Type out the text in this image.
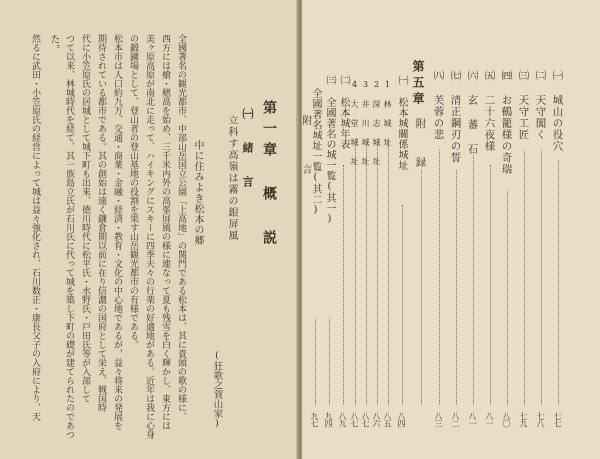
第一章 概 説
㈠ 緒 言
立科す高嶺は霧の銀屏風
(狂歌之賀山家)
中に住みよき松本の郷
全國著名の観光都市、中部山岳国立公園「上高地」の関門である松本は、其に貴頭の歌の様に、
西方には槍・穂高を始め、三千米内外の高峯屏風の様に連なって夏も残雪を白く輝かし、東方には
美ヶ原高原が南北に走って、ハイキングにスキーに四季夫々の行楽の好適地がある。近年は我に心身
の鍛錬場として、登山者の登山基地の役割を果す山岳観光都市の有様である。
松本市は人口約九万、交通・商業・金融・経済・教育・文化の中心地であるが、益々将来の発展を
期待されている都市である。其の創始は遠く鎌倉期以前に在り信濃の国府として栄え、戦国時
代に小笠原氏の居城として城下町も出来、徳川時代に松平氏・水野氏・戸田氏等が入部して
つて以来、林城時代を経て、其一族島立氏が石川氏に代って城を築し下町の礎が建てられたのであつ
た。
然るに武田・小笠原氏の経営によって城は益々強化され、石川数正・康長父子の入府により、天	㈠ 城山の役穴
七七
㈡ 天守閣く
七八
㈢ 天守工匠
七九
㈣ お鶴籠様の奇瑞
八〇
㈤ 二十六夜様
八一
㈥ 玄 蕃 石
八一
㈦ 清正鋼刃の誓
八二
㈧ 芙蓉の悲
八三
第五章
附 録
㈠ 松本城關係城址
八四
1 林 城 址
八五
2 深 志 城 址
八六
3 井 川 城 址
八七
4 大 堂 城 址
八七
㈡ 松本城年表
八九
㈢ 全國著名の城一覧(其一)
九四
全國著名城址一覧(其二)
九七
附 言
